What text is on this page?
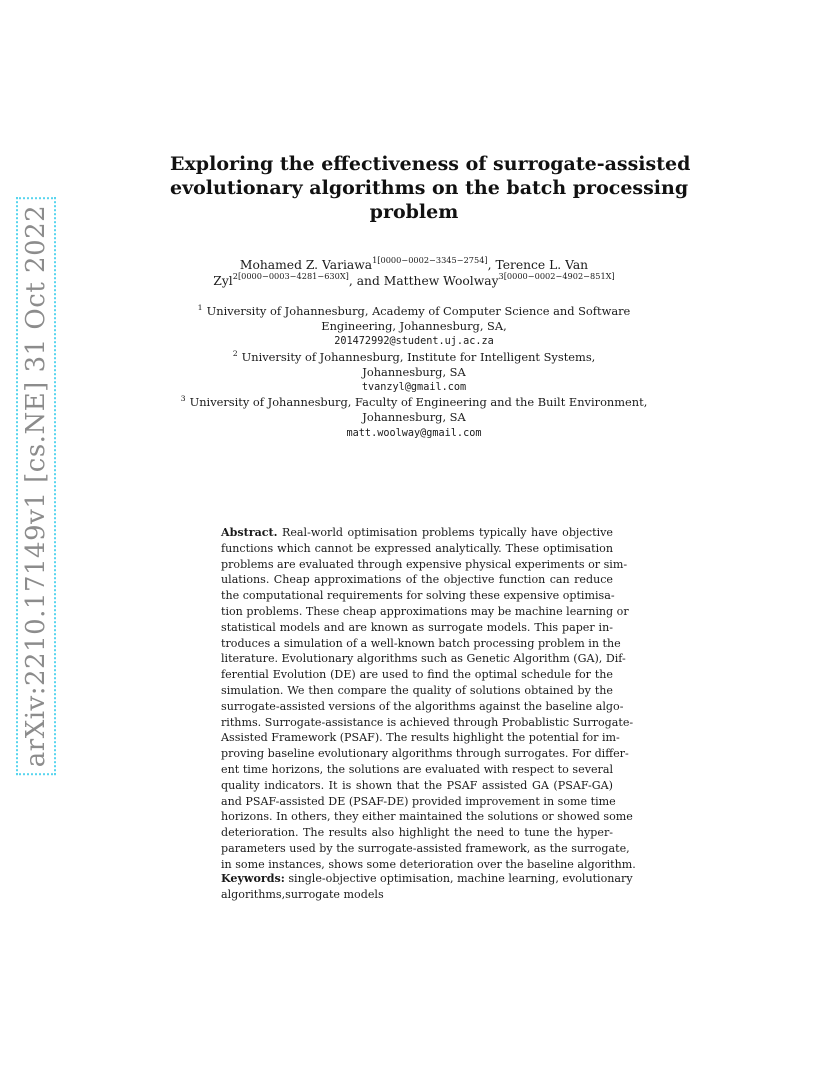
arXiv:2210.17149v1 [cs.NE] 31 Oct 2022
Exploring the effectiveness of surrogate-assisted
evolutionary algorithms on the batch processing
problem
Mohamed Z. Variawa$^{1[0000-0002-3345-2754]}$, Terence L. Van
Zyl$^{2[0000-0003-4281-630X]}$, and Matthew Woolway$^{3[0000-0002-4902-851X]}$
$^1$ University of Johannesburg, Academy of Computer Science and Software
Engineering, Johannesburg, SA,
201472992@student.uj.ac.za
$^2$ University of Johannesburg, Institute for Intelligent Systems,
Johannesburg, SA
tvanzyl@gmail.com
$^3$ University of Johannesburg, Faculty of Engineering and the Built Environment,
Johannesburg, SA
matt.woolway@gmail.com
Abstract. Real-world optimisation problems typically have objective
functions which cannot be expressed analytically. These optimisation
problems are evaluated through expensive physical experiments or sim-
ulations. Cheap approximations of the objective function can reduce
the computational requirements for solving these expensive optimisa-
tion problems. These cheap approximations may be machine learning or
statistical models and are known as surrogate models. This paper in-
troduces a simulation of a well-known batch processing problem in the
literature. Evolutionary algorithms such as Genetic Algorithm (GA), Dif-
ferential Evolution (DE) are used to find the optimal schedule for the
simulation. We then compare the quality of solutions obtained by the
surrogate-assisted versions of the algorithms against the baseline algo-
rithms. Surrogate-assistance is achieved through Probablistic Surrogate-
Assisted Framework (PSAF). The results highlight the potential for im-
proving baseline evolutionary algorithms through surrogates. For differ-
ent time horizons, the solutions are evaluated with respect to several
quality indicators. It is shown that the PSAF assisted GA (PSAF-GA)
and PSAF-assisted DE (PSAF-DE) provided improvement in some time
horizons. In others, they either maintained the solutions or showed some
deterioration. The results also highlight the need to tune the hyper-
parameters used by the surrogate-assisted framework, as the surrogate,
in some instances, shows some deterioration over the baseline algorithm.
Keywords: single-objective optimisation, machine learning, evolutionary
algorithms,surrogate models
